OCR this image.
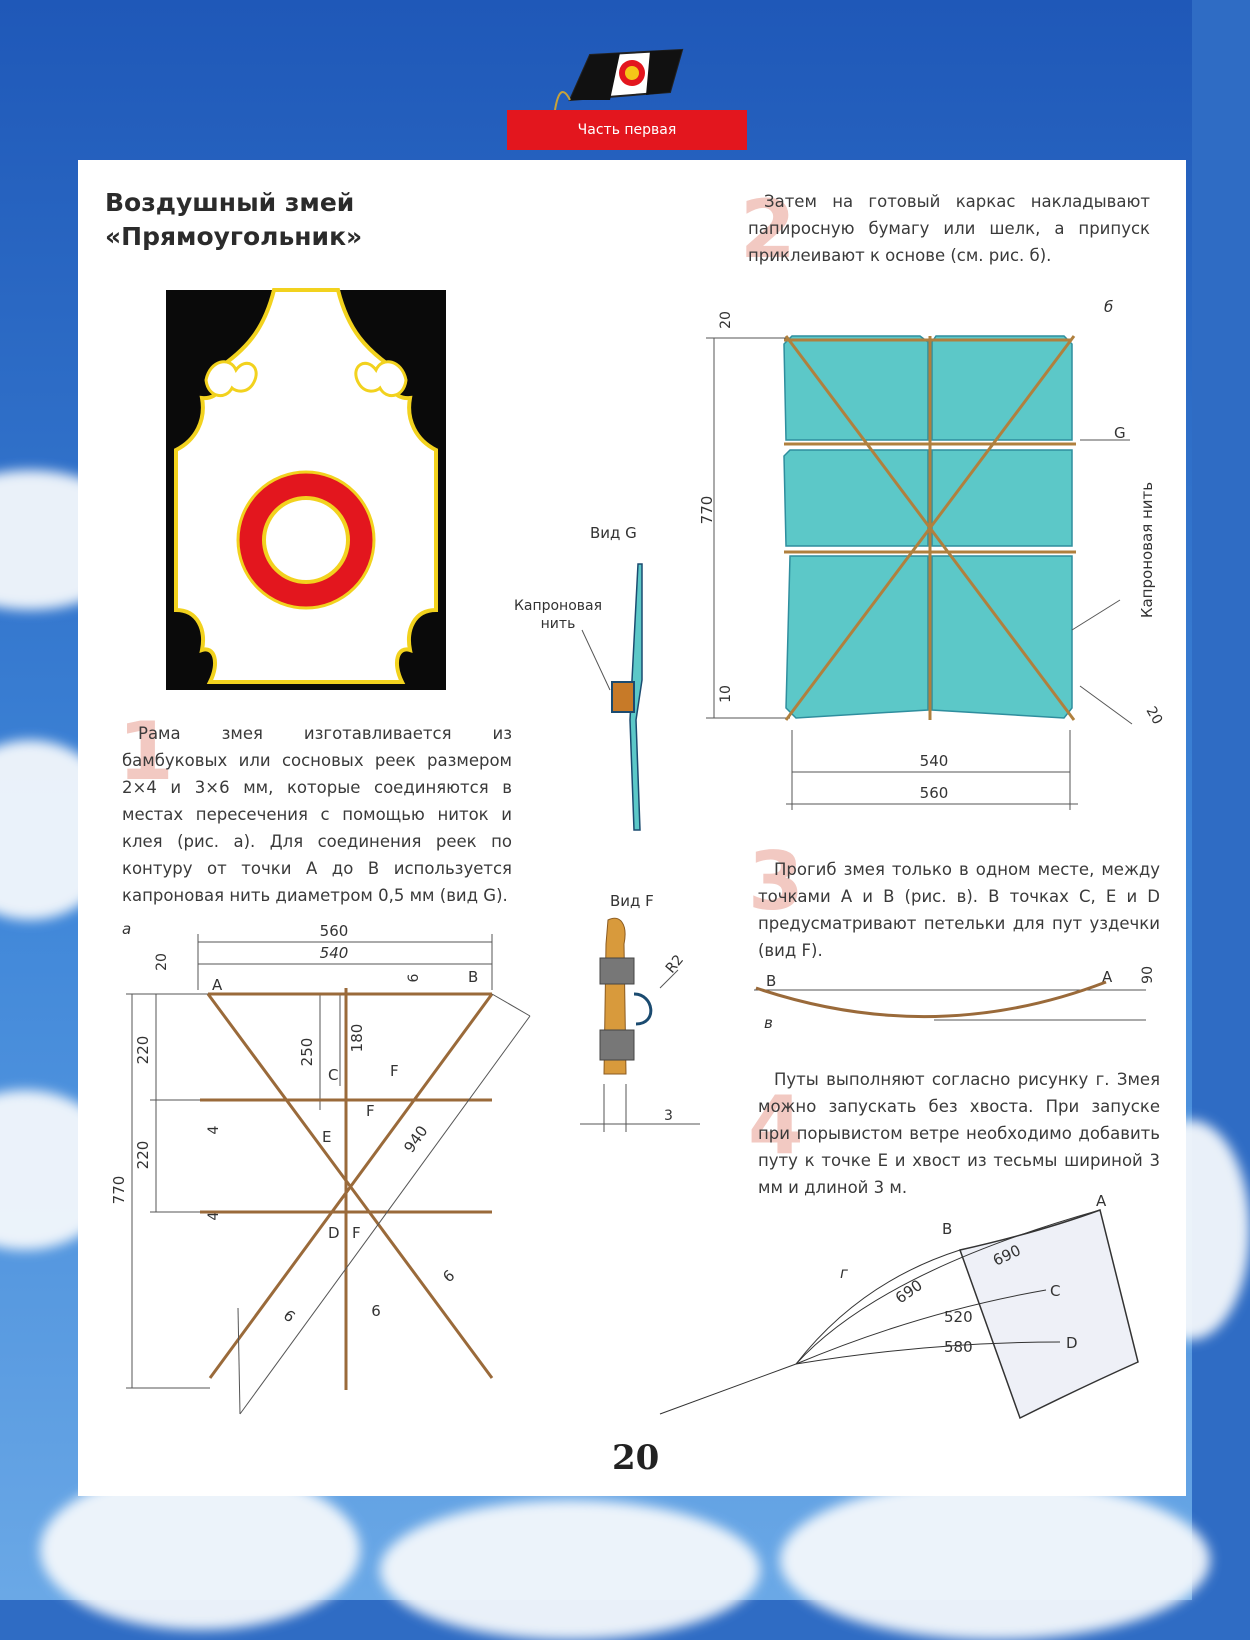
Часть первая
Воздушный змей
«Прямоугольник»
1
2
3
4
Рама змея изготавливается из бамбуковых или сосновых реек размером 2×4 и 3×6 мм, которые соединяются в местах пересечения с помощью ниток и клея (рис. а). Для соединения реек по контуру от точки А до В используется капроновая нить диаметром 0,5 мм (вид G).
Затем на готовый каркас накладывают папиросную бумагу или шелк, а припуск приклеивают к основе (см. рис. б).
Прогиб змея только в одном месте, между точками А и В (рис. в). В точках С, Е и D предусматривают петельки для пут уздечки (вид F).
Путы выполняют согласно рисунку г. Змея можно запускать без хвоста. При запуске при порывистом ветре необходимо добавить путу к точке Е и хвост из тесьмы шириной 3 мм и длиной 3 м.
а	560
540
20
6
220
220
770
4
4
250 180
940
6	6
6
A	B
C	F
F
E
D F
Вид G
Капроновая
нить
Вид F
R2
3
б
20
770
10
G
Капроновая нить
540
560
20
B	A 90
в
г
A
B
C
D
690
690
520
580
20
